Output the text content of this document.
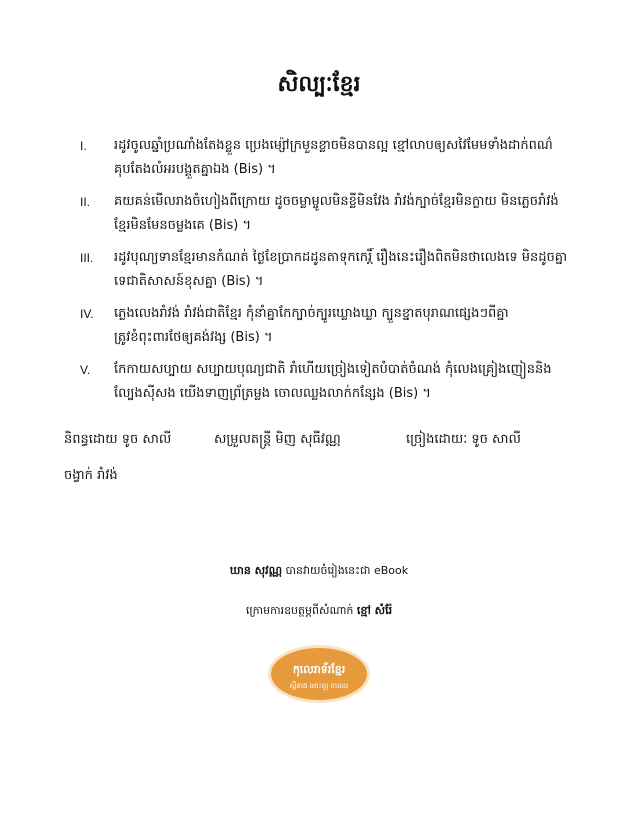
សិល្បៈខ្មែរ
I.	រដូវចូលឆ្នាំប្រណាំងតែងខ្លួន ប្រេងម្ស៉ៅក្រមួនខ្លាចមិនបានល្អ ខ្មៅលាបឲ្យសវៃមែមទាំងដាក់ពណ៌ គុបតែងលំអរបង្គួតគ្នាឯង (Bis) ។
II.	គយគន់មើលរាងចំហៀងពីក្រោយ ដូចចម្លាម្ចូលមិនខ្លីមិនវែង រាំវង់ក្បាច់ខ្មែរមិនក្លាយ មិនភ្លេចរាំវង់ខ្មែរមិនមែនចម្លងគេ (Bis) ។
III.	រដូវបុណ្យទានខ្មែរមានកំណត់ ថ្ងៃខែប្រាកដដូនតាទុកកេរ្ដិ៍ រឿងនេះរឿងពិតមិនថាលេងទេ មិនដូចគ្នាទេជាតិសាសន៍ខុសគ្នា (Bis) ។
IV.	ភ្លេងលេងរាំវង់ រាំវង់ជាតិខ្មែរ កុំនាំគ្នាកែក្បាច់ក្បូរឃ្លោងឃ្លា ក្បួនខ្នាតបុរាណផ្សេងៗពីគ្នា ត្រូវខំពុះពារថែឲ្យគង់វង្ស (Bis) ។
V.	កែកាយសប្បាយ សប្បាយបុណ្យជាតិ រាំហើយច្រៀងទៀតបំបាត់ចំណង់ កុំលេងគ្រៀងញៀននិងល្បែងស៊ីសង យើងទាញព្រ័ត្រម្លង ចោលឈ្លងលាក់កន្សែង (Bis) ។
និពន្ធដោយ ទូច សាលី	សម្រួលតន្ត្រី មិញ សុធីវណ្ណ	ច្រៀងដោយៈ ទូច សាលី
ចង្វាក់ រាំវង់
ឃាន សុវណ្ណ បានវាយចំរៀងនេះជា eBook
ក្រោមការឧបត្ថម្ភពីសំណាក់ ខ្មៅ សំរ៉ែ
កុលេរាទ័រខ្មែរ
ស្ទីតាង អោះតូរុ កាលប
